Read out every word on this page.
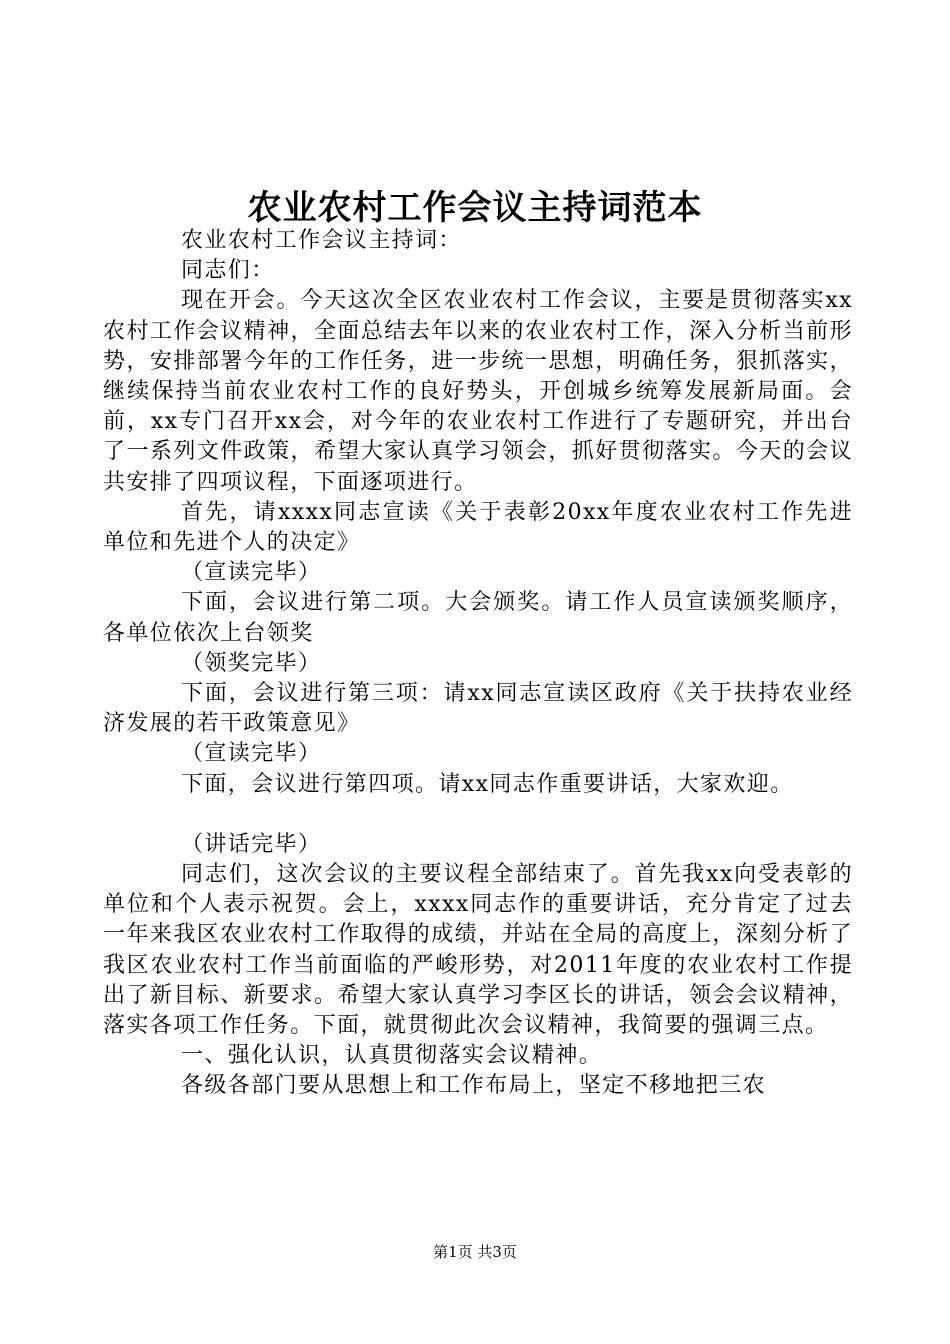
农业农村工作会议主持词范本

农业农村工作会议主持词：

同志们：

现在开会。今天这次全区农业农村工作会议，主要是贯彻落实xx农村工作会议精神，全面总结去年以来的农业农村工作，深入分析当前形势，安排部署今年的工作任务，进一步统一思想，明确任务，狠抓落实，继续保持当前农业农村工作的良好势头，开创城乡统筹发展新局面。会前，xx专门召开xx会，对今年的农业农村工作进行了专题研究，并出台了一系列文件政策，希望大家认真学习领会，抓好贯彻落实。今天的会议共安排了四项议程，下面逐项进行。

首先，请xxxx同志宣读《关于表彰20xx年度农业农村工作先进单位和先进个人的决定》

（宣读完毕）

下面，会议进行第二项。大会颁奖。请工作人员宣读颁奖顺序，各单位依次上台领奖

（领奖完毕）

下面，会议进行第三项：请xx同志宣读区政府《关于扶持农业经济发展的若干政策意见》

（宣读完毕）

下面，会议进行第四项。请xx同志作重要讲话，大家欢迎。

（讲话完毕）

同志们，这次会议的主要议程全部结束了。首先我xx向受表彰的单位和个人表示祝贺。会上，xxxx同志作的重要讲话，充分肯定了过去一年来我区农业农村工作取得的成绩，并站在全局的高度上，深刻分析了我区农业农村工作当前面临的严峻形势，对2011年度的农业农村工作提出了新目标、新要求。希望大家认真学习李区长的讲话，领会会议精神，落实各项工作任务。下面，就贯彻此次会议精神，我简要的强调三点。

一、强化认识，认真贯彻落实会议精神。

各级各部门要从思想上和工作布局上，坚定不移地把三农

第1页 共3页
